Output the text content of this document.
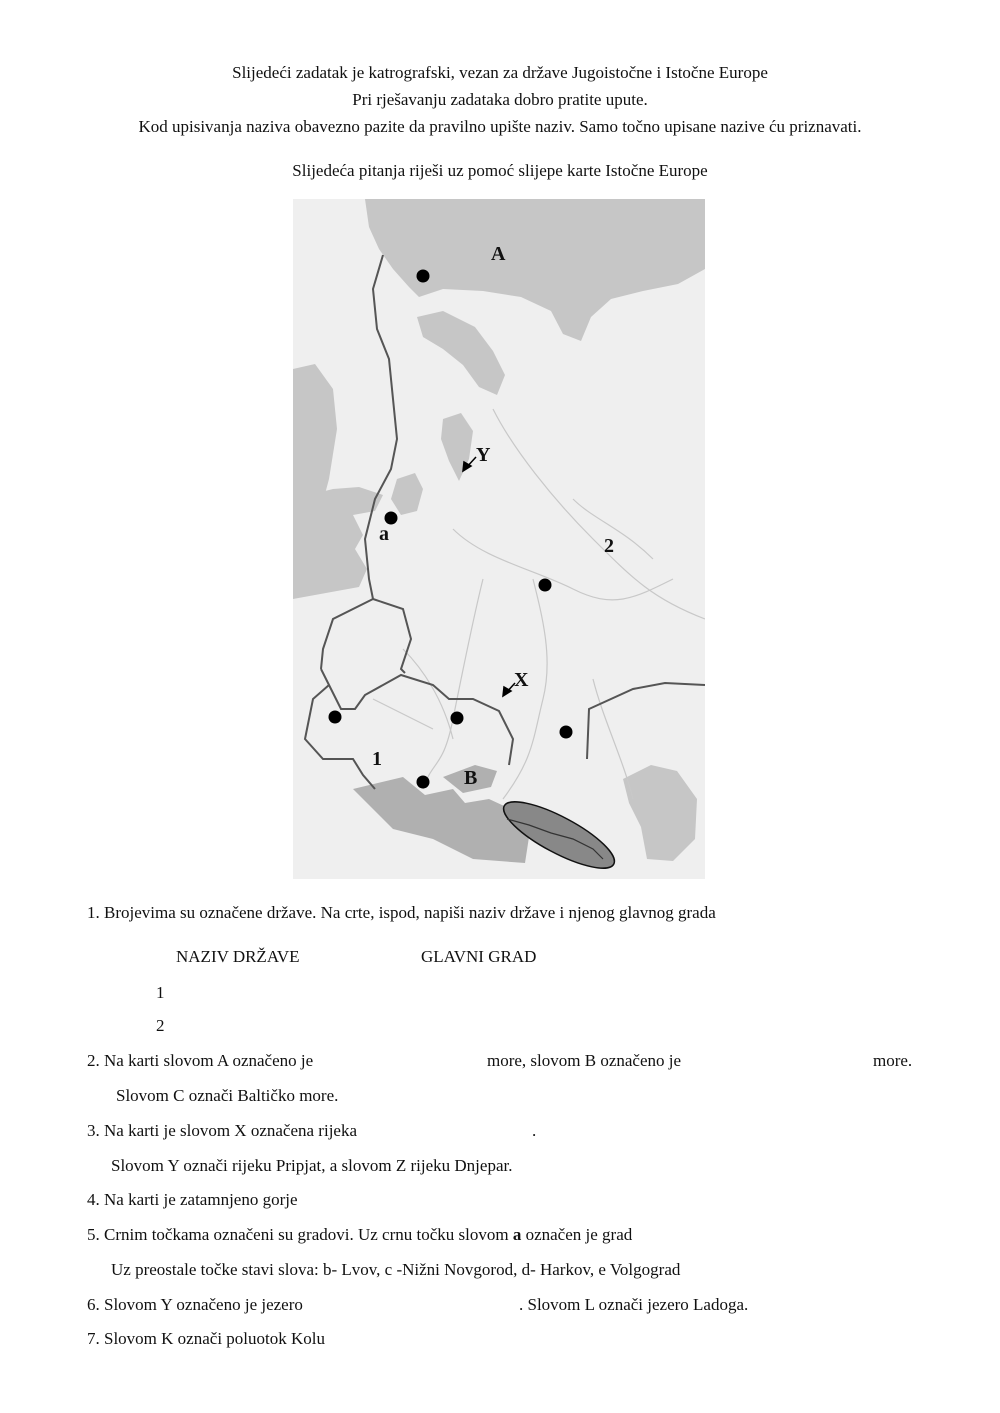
Slijedeći zadatak je katrografski, vezan za države Jugoistočne i Istočne Europe
Pri rješavanju zadataka dobro pratite upute.
Kod upisivanja naziva obavezno pazite da pravilno upište naziv. Samo točno upisane nazive ću priznavati.
Slijedeća pitanja riješi uz pomoć slijepe karte Istočne Europe
A
Y
a
2
X
1
B
1. Brojevima su označene države. Na crte, ispod, napiši naziv države i njenog glavnog grada
NAZIV DRŽAVE	GLAVNI GRAD
1
2
2. Na karti slovom A označeno je	more, slovom B označeno je	more.
Slovom C označi Baltičko more.
3. Na karti je slovom X označena rijeka	.
Slovom Y označi rijeku Pripjat, a slovom Z rijeku Dnjepar.
4. Na karti je zatamnjeno gorje
5. Crnim točkama označeni su gradovi. Uz crnu točku slovom a označen je grad
Uz preostale točke stavi slova: b- Lvov, c -Nižni Novgorod, d- Harkov, e Volgograd
6. Slovom Y označeno je jezero	. Slovom L označi jezero Ladoga.
7. Slovom K označi poluotok Kolu
